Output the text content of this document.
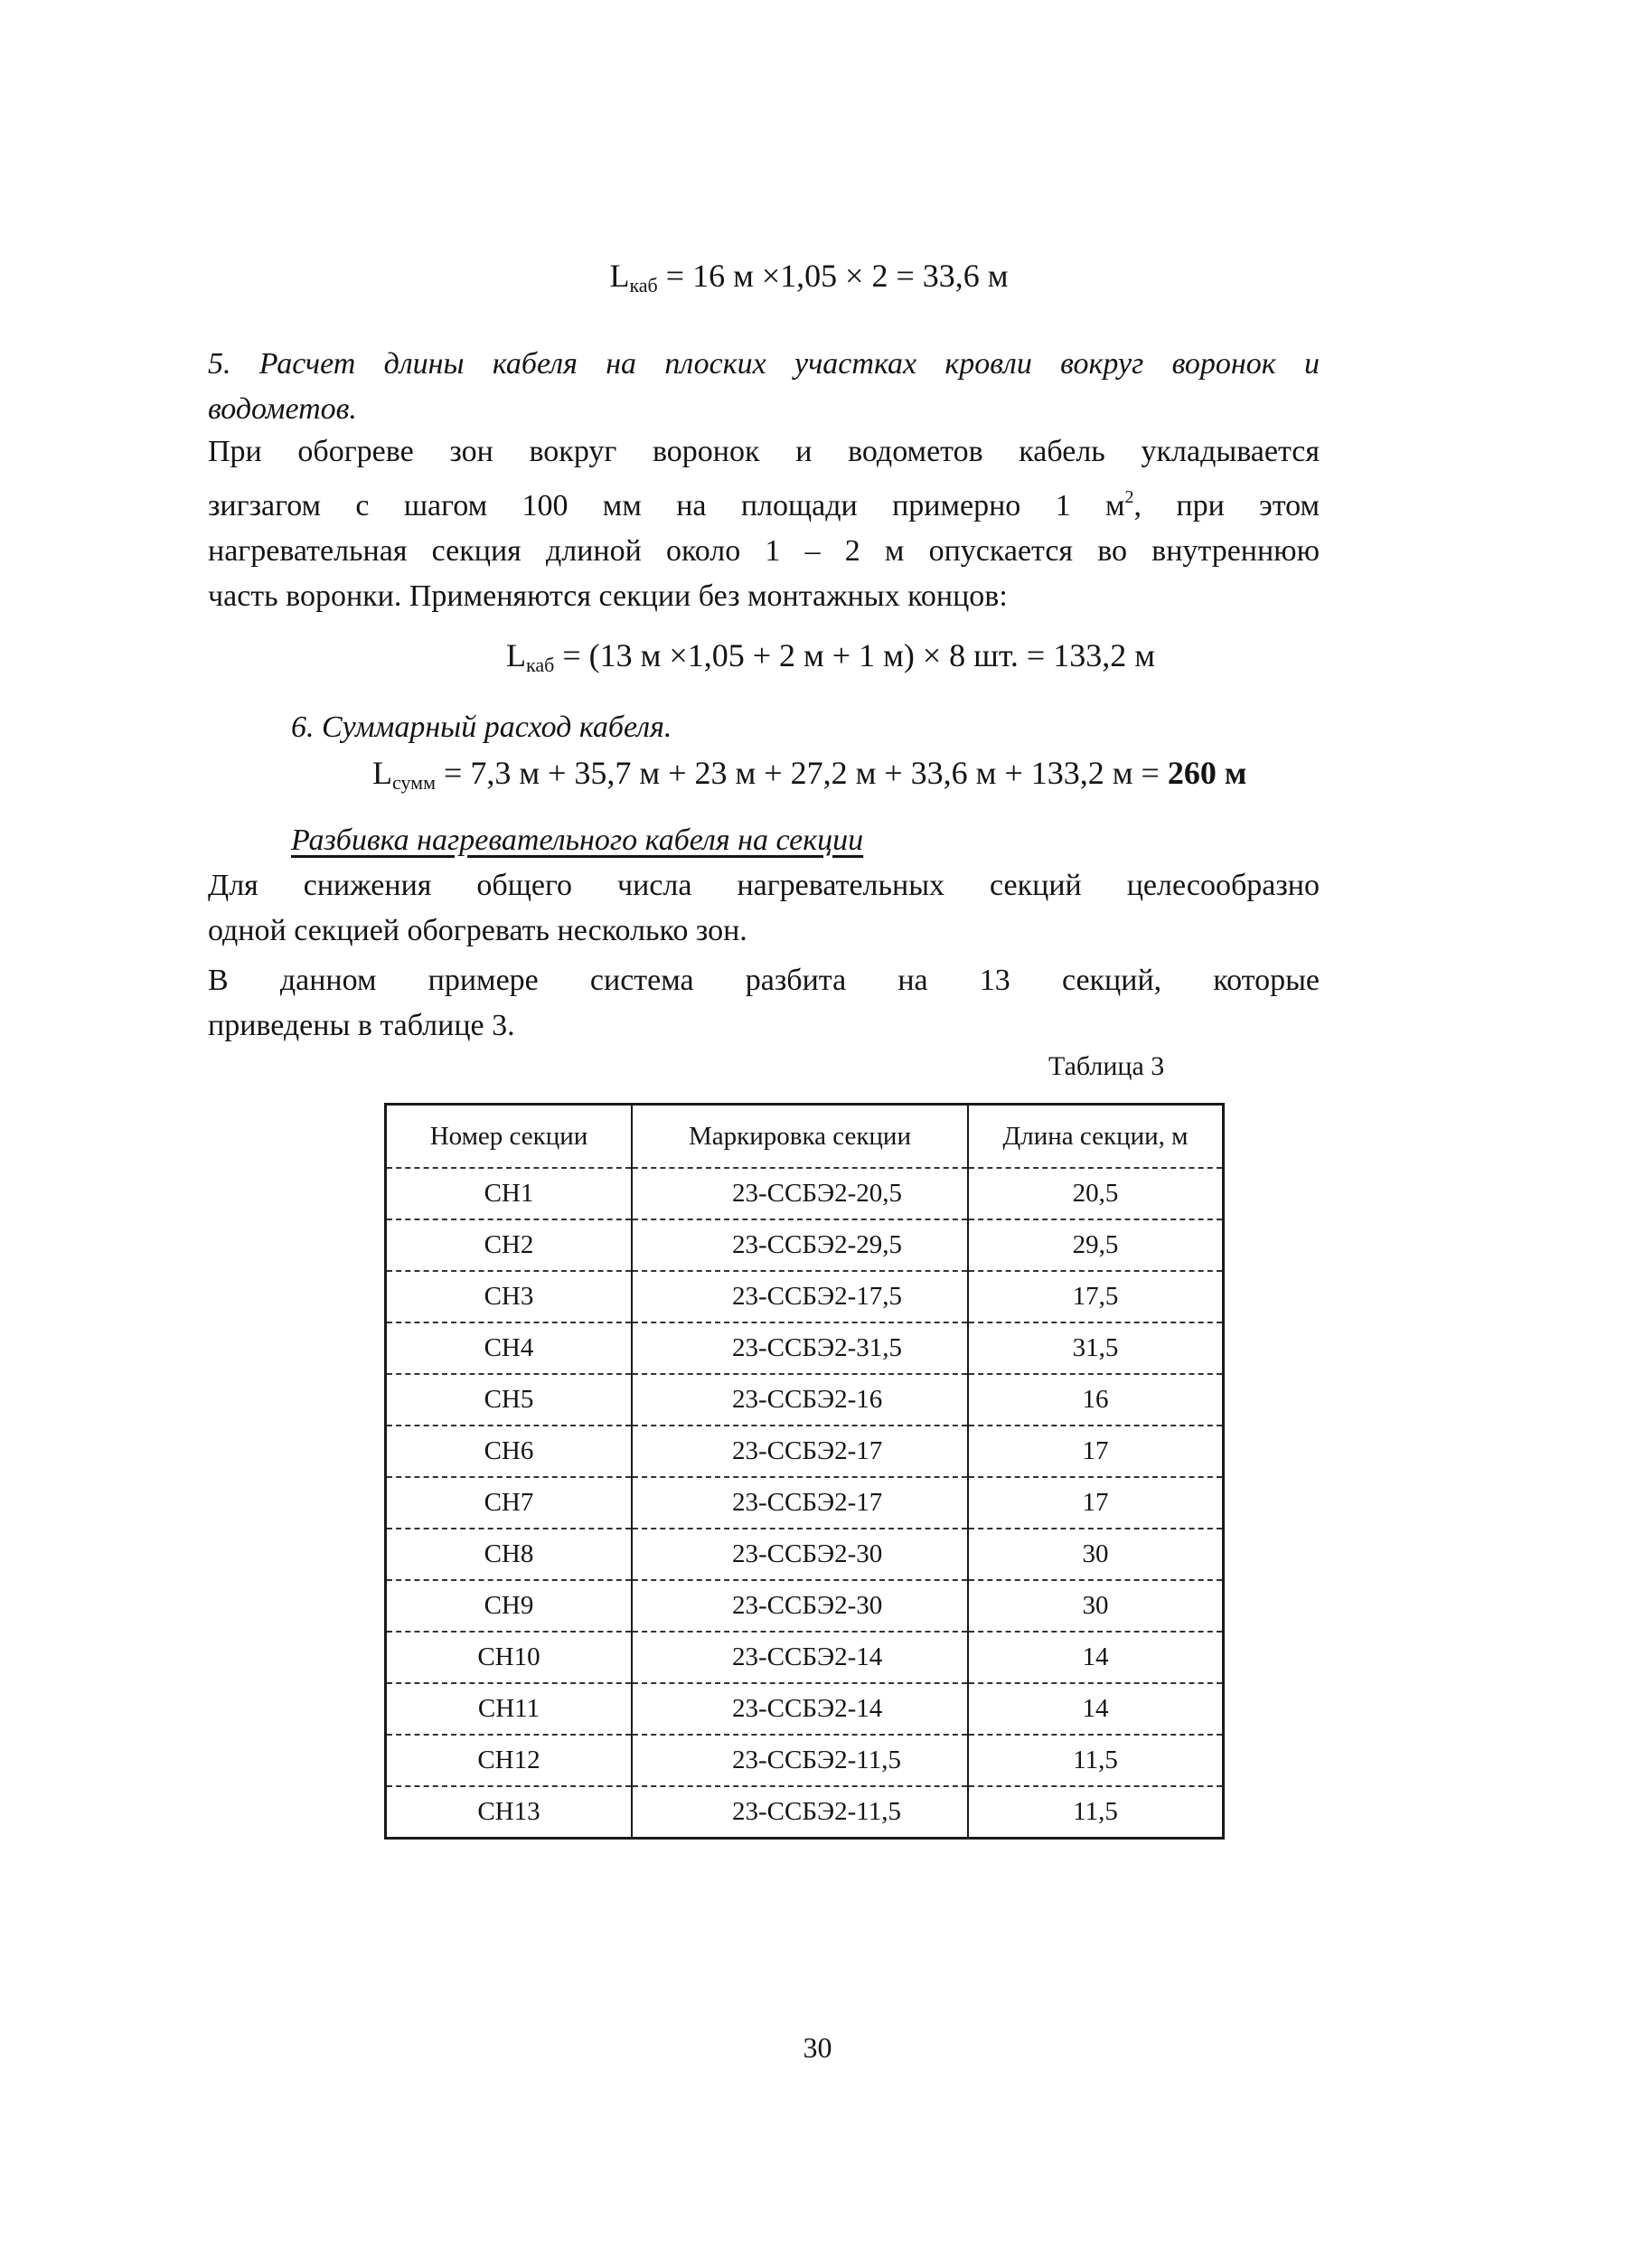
$L_{каб} = 16$ м ×1,05 × 2 = 33,6 м
5. Расчет длины кабеля на плоских участках кровли вокруг воронок и
водометов.
При обогреве зон вокруг воронок и водометов кабель укладывается
зигзагом с шагом 100 мм на площади примерно 1 $м^2$, при этом
нагревательная секция длиной около 1 – 2 м опускается во внутреннюю
часть воронки. Применяются секции без монтажных концов:
$L_{каб} = (13$ м ×1,05 + 2 м + 1 м) × 8 шт. = 133,2 м
6. Суммарный расход кабеля.
$L_{сумм} = 7,3$ м + 35,7 м + 23 м + 27,2 м + 33,6 м + 133,2 м = 260 м
Разбивка нагревательного кабеля на секции
Для снижения общего числа нагревательных секций целесообразно
одной секцией обогревать несколько зон.
В данном примере система разбита на 13 секций, которые
приведены в таблице 3.
Таблица 3
Номер секции	Маркировка секции	Длина секции, м
СН1	23-ССБЭ2-20,5	20,5
СН2	23-ССБЭ2-29,5	29,5
СН3	23-ССБЭ2-17,5	17,5
СН4	23-ССБЭ2-31,5	31,5
СН5	23-ССБЭ2-16	16
СН6	23-ССБЭ2-17	17
СН7	23-ССБЭ2-17	17
СН8	23-ССБЭ2-30	30
СН9	23-ССБЭ2-30	30
СН10	23-ССБЭ2-14	14
СН11	23-ССБЭ2-14	14
СН12	23-ССБЭ2-11,5	11,5
СН13	23-ССБЭ2-11,5	11,5
30
